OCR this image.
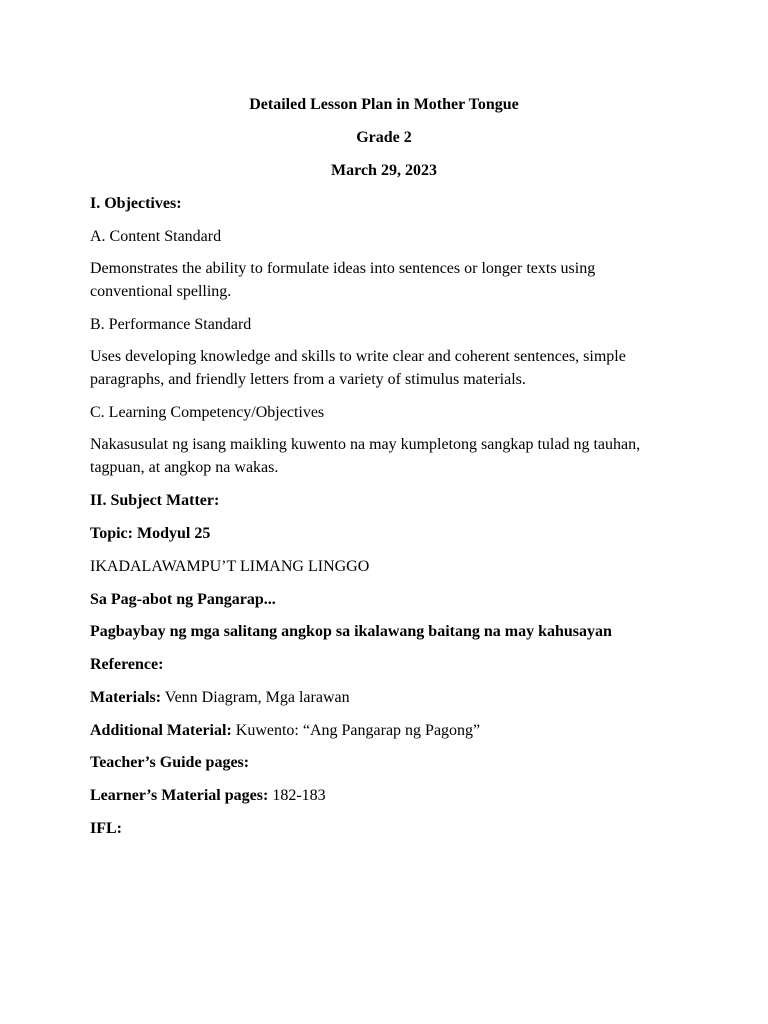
Detailed Lesson Plan in Mother Tongue
Grade 2
March 29, 2023
I. Objectives:
A. Content Standard
Demonstrates the ability to formulate ideas into sentences or longer texts using conventional spelling.
B. Performance Standard
Uses developing knowledge and skills to write clear and coherent sentences, simple paragraphs, and friendly letters from a variety of stimulus materials.
C. Learning Competency/Objectives
Nakasusulat ng isang maikling kuwento na may kumpletong sangkap tulad ng tauhan, tagpuan, at angkop na wakas.
II. Subject Matter:
Topic: Modyul 25
IKADALAWAMPU’T LIMANG LINGGO
Sa Pag-abot ng Pangarap...
Pagbaybay ng mga salitang angkop sa ikalawang baitang na may kahusayan
Reference:
Materials: Venn Diagram, Mga larawan
Additional Material: Kuwento: “Ang Pangarap ng Pagong”
Teacher’s Guide pages:
Learner’s Material pages: 182-183
IFL:
